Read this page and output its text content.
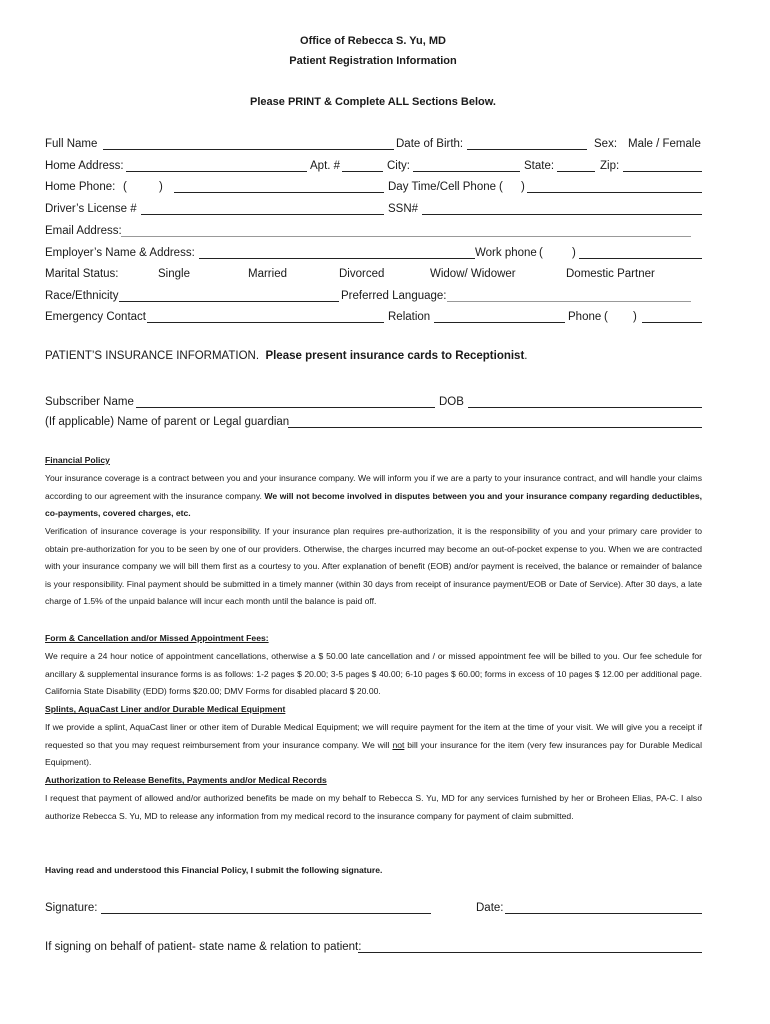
Office of Rebecca S. Yu, MD
Patient Registration Information
Please PRINT & Complete ALL Sections Below.
Full Name	Date of Birth:	Sex: Male / Female
Home Address:	Apt. #	City:	State:	Zip:
Home Phone: (	)	Day Time/Cell Phone ( )
Driver’s License #	SSN#
Email Address:
Employer’s Name & Address:	Work phone (	)
Marital Status:	Single	Married	Divorced	Widow/ Widower	Domestic Partner
Race/Ethnicity	Preferred Language:
Emergency Contact	Relation	Phone ( )
PATIENT’S INSURANCE INFORMATION. Please present insurance cards to Receptionist.
Subscriber Name	DOB
(If applicable) Name of parent or Legal guardian
Financial Policy
Your insurance coverage is a contract between you and your insurance company. We will inform you if we are a party to your insurance contract, and will handle your claims according to our agreement with the insurance company. We will not become involved in disputes between you and your insurance company regarding deductibles, co-payments, covered charges, etc.
Verification of insurance coverage is your responsibility. If your insurance plan requires pre-authorization, it is the responsibility of you and your primary care provider to obtain pre-authorization for you to be seen by one of our providers. Otherwise, the charges incurred may become an out-of-pocket expense to you. When we are contracted with your insurance company we will bill them first as a courtesy to you. After explanation of benefit (EOB) and/or payment is received, the balance or remainder of balance is your responsibility. Final payment should be submitted in a timely manner (within 30 days from receipt of insurance payment/EOB or Date of Service). After 30 days, a late charge of 1.5% of the unpaid balance will incur each month until the balance is paid off.
Form & Cancellation and/or Missed Appointment Fees:
We require a 24 hour notice of appointment cancellations, otherwise a $ 50.00 late cancellation and / or missed appointment fee will be billed to you. Our fee schedule for ancillary & supplemental insurance forms is as follows: 1-2 pages $ 20.00; 3-5 pages $ 40.00; 6-10 pages $ 60.00; forms in excess of 10 pages $ 12.00 per additional page. California State Disability (EDD) forms $20.00; DMV Forms for disabled placard $ 20.00.
Splints, AquaCast Liner and/or Durable Medical Equipment
If we provide a splint, AquaCast liner or other item of Durable Medical Equipment; we will require payment for the item at the time of your visit. We will give you a receipt if requested so that you may request reimbursement from your insurance company. We will not bill your insurance for the item (very few insurances pay for Durable Medical Equipment).
Authorization to Release Benefits, Payments and/or Medical Records
I request that payment of allowed and/or authorized benefits be made on my behalf to Rebecca S. Yu, MD for any services furnished by her or Broheen Elias, PA-C. I also authorize Rebecca S. Yu, MD to release any information from my medical record to the insurance company for payment of claim submitted.
Having read and understood this Financial Policy, I submit the following signature.
Signature:	Date:
If signing on behalf of patient- state name & relation to patient:
